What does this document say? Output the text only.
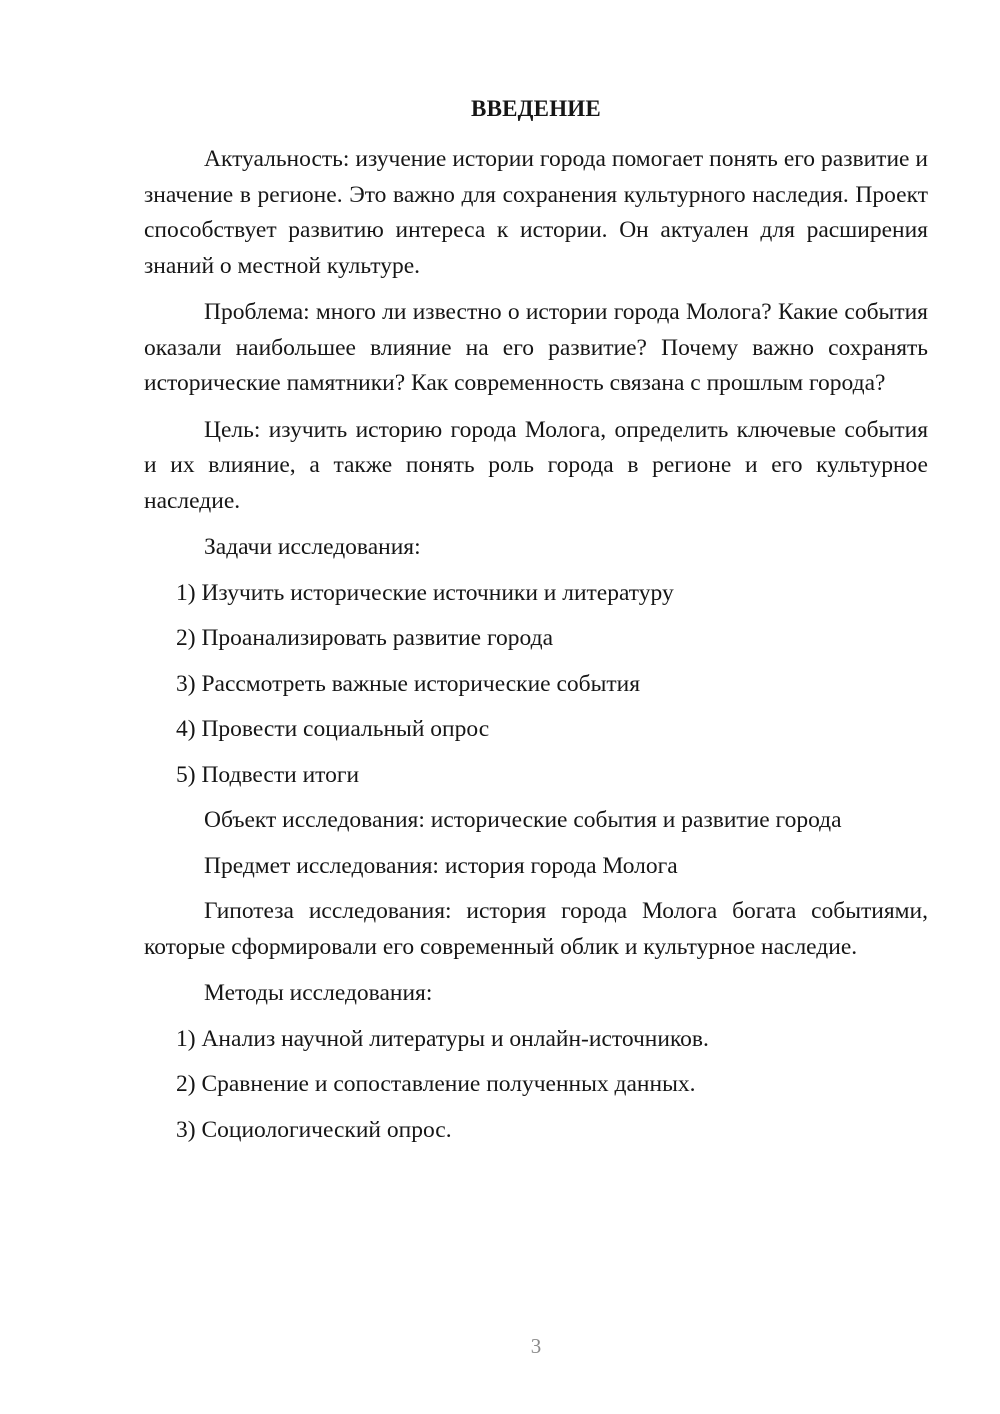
ВВЕДЕНИЕ

Актуальность: изучение истории города помогает понять его развитие и значение в регионе. Это важно для сохранения культурного наследия. Проект способствует развитию интереса к истории. Он актуален для расширения знаний о местной культуре.

Проблема: много ли известно о истории города Молога? Какие события оказали наибольшее влияние на его развитие? Почему важно сохранять исторические памятники? Как современность связана с прошлым города?

Цель: изучить историю города Молога, определить ключевые события и их влияние, а также понять роль города в регионе и его культурное наследие.

Задачи исследования:
1) Изучить исторические источники и литературу
2) Проанализировать развитие города
3) Рассмотреть важные исторические события
4) Провести социальный опрос
5) Подвести итоги
Объект исследования: исторические события и развитие города
Предмет исследования: история города Молога

Гипотеза исследования: история города Молога богата событиями, которые сформировали его современный облик и культурное наследие.

Методы исследования:
1) Анализ научной литературы и онлайн-источников.
2) Сравнение и сопоставление полученных данных.
3) Социологический опрос.
3
